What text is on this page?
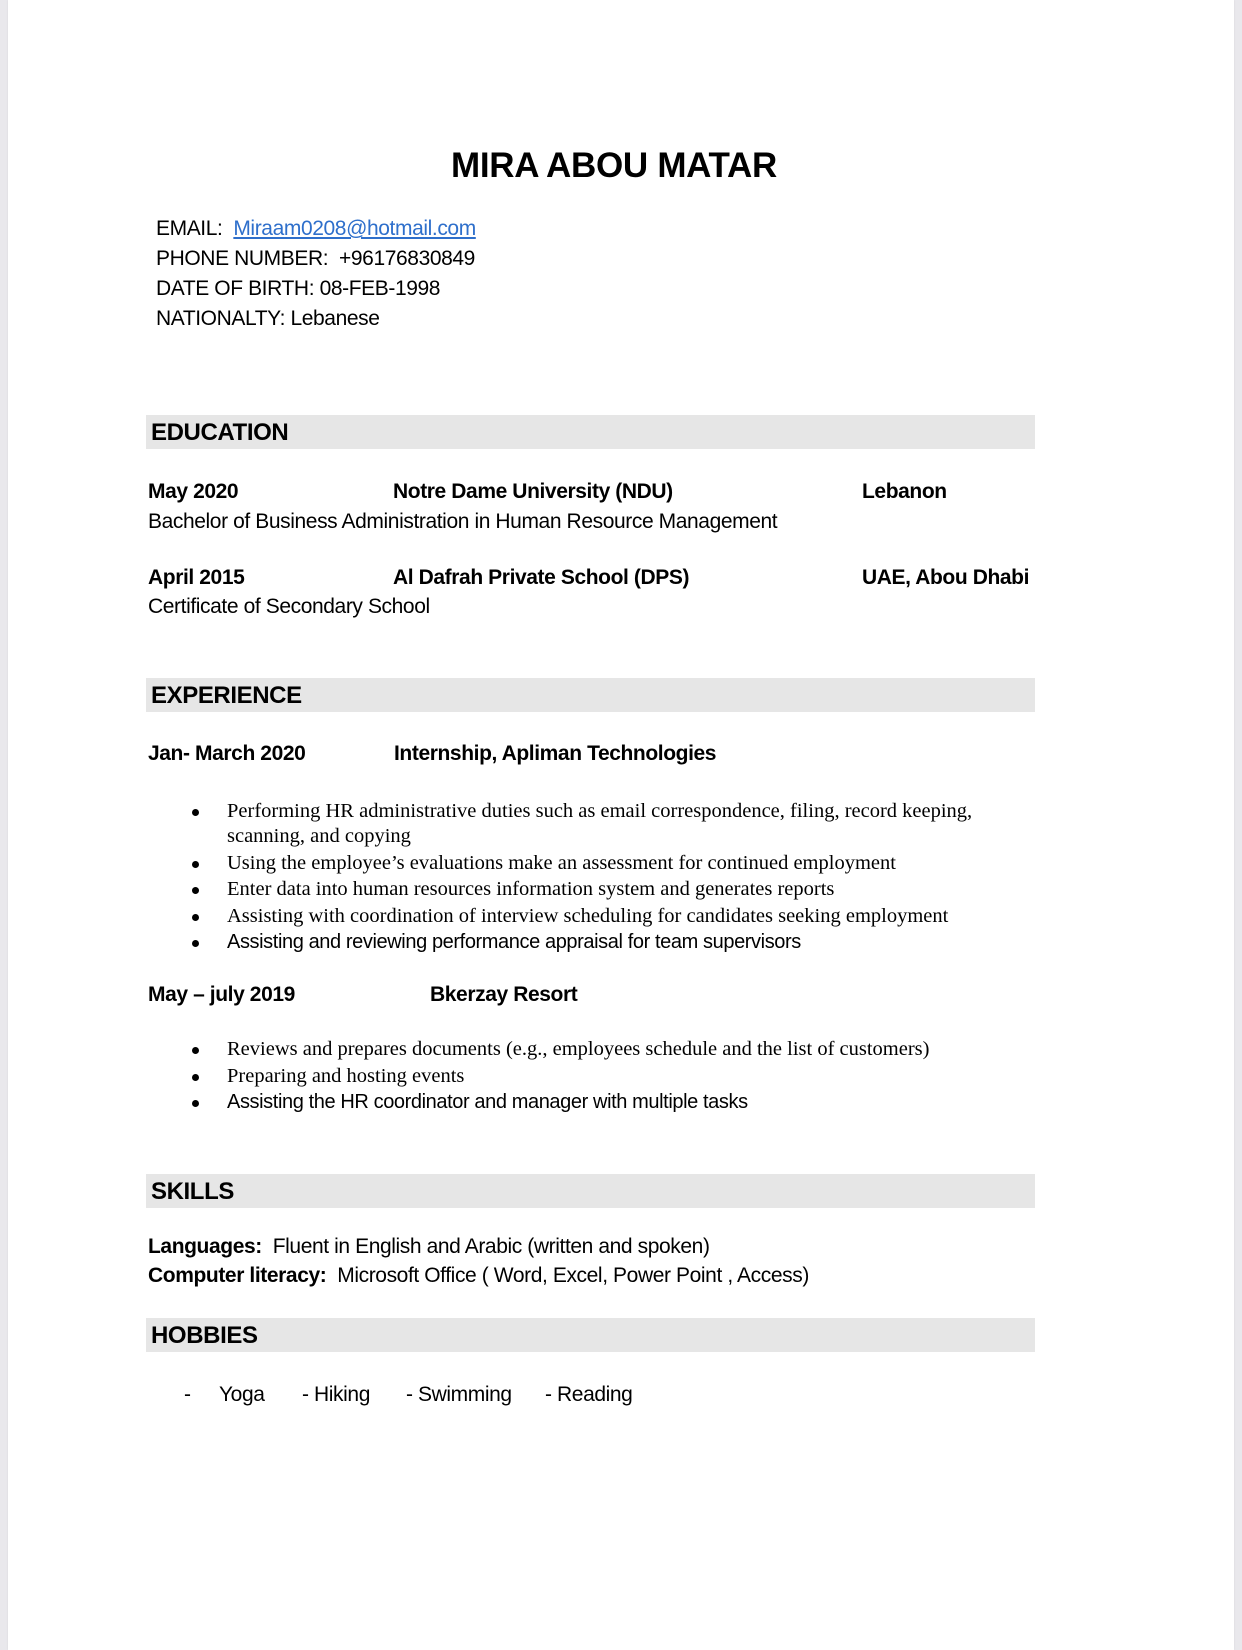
MIRA ABOU MATAR
EMAIL: Miraam0208@hotmail.com
PHONE NUMBER: +96176830849
DATE OF BIRTH: 08-FEB-1998
NATIONALTY: Lebanese
EDUCATION
May 2020	Notre Dame University (NDU)	Lebanon
Bachelor of Business Administration in Human Resource Management
April 2015	Al Dafrah Private School (DPS)	UAE, Abou Dhabi
Certificate of Secondary School
EXPERIENCE
Jan- March 2020	Internship, Apliman Technologies
Performing HR administrative duties such as email correspondence, filing, record keeping, scanning, and copying
Using the employee’s evaluations make an assessment for continued employment
Enter data into human resources information system and generates reports
Assisting with coordination of interview scheduling for candidates seeking employment
Assisting and reviewing performance appraisal for team supervisors
May – july 2019	Bkerzay Resort
Reviews and prepares documents (e.g., employees schedule and the list of customers)
Preparing and hosting events
Assisting the HR coordinator and manager with multiple tasks
SKILLS
Languages: Fluent in English and Arabic (written and spoken)
Computer literacy: Microsoft Office ( Word, Excel, Power Point , Access)
HOBBIES
- Yoga - Hiking - Swimming - Reading
